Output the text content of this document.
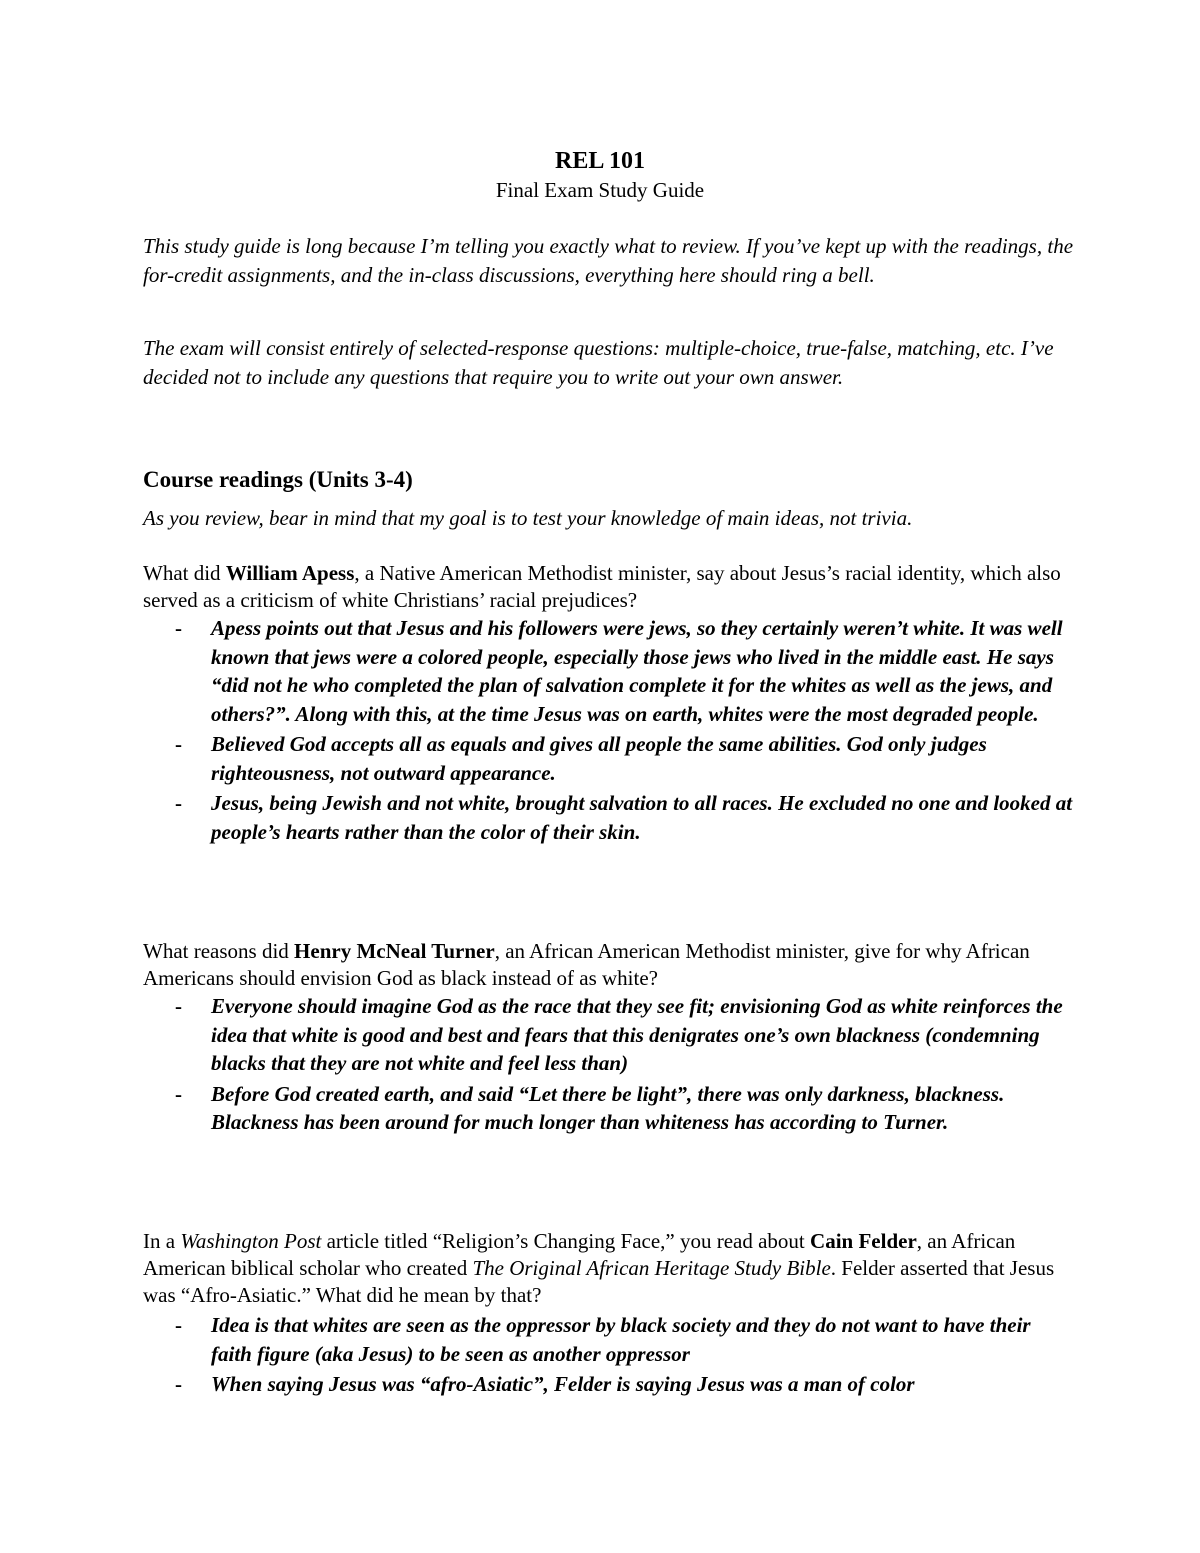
REL 101
Final Exam Study Guide

This study guide is long because I’m telling you exactly what to review. If you’ve kept up with the readings, the for-credit assignments, and the in-class discussions, everything here should ring a bell.

The exam will consist entirely of selected-response questions: multiple-choice, true-false, matching, etc. I’ve decided not to include any questions that require you to write out your own answer.

Course readings (Units 3-4)

As you review, bear in mind that my goal is to test your knowledge of main ideas, not trivia.

What did William Apess, a Native American Methodist minister, say about Jesus’s racial identity, which also served as a criticism of white Christians’ racial prejudices?

- Apess points out that Jesus and his followers were jews, so they certainly weren’t white. It was well known that jews were a colored people, especially those jews who lived in the middle east. He says “did not he who completed the plan of salvation complete it for the whites as well as the jews, and others?”. Along with this, at the time Jesus was on earth, whites were the most degraded people.
- Believed God accepts all as equals and gives all people the same abilities. God only judges righteousness, not outward appearance.
- Jesus, being Jewish and not white, brought salvation to all races. He excluded no one and looked at people’s hearts rather than the color of their skin.

What reasons did Henry McNeal Turner, an African American Methodist minister, give for why African Americans should envision God as black instead of as white?

- Everyone should imagine God as the race that they see fit; envisioning God as white reinforces the idea that white is good and best and fears that this denigrates one’s own blackness (condemning blacks that they are not white and feel less than)
- Before God created earth, and said “Let there be light”, there was only darkness, blackness. Blackness has been around for much longer than whiteness has according to Turner.

In a Washington Post article titled “Religion’s Changing Face,” you read about Cain Felder, an African American biblical scholar who created The Original African Heritage Study Bible. Felder asserted that Jesus was “Afro-Asiatic.” What did he mean by that?

- Idea is that whites are seen as the oppressor by black society and they do not want to have their faith figure (aka Jesus) to be seen as another oppressor
- When saying Jesus was “afro-Asiatic”, Felder is saying Jesus was a man of color
